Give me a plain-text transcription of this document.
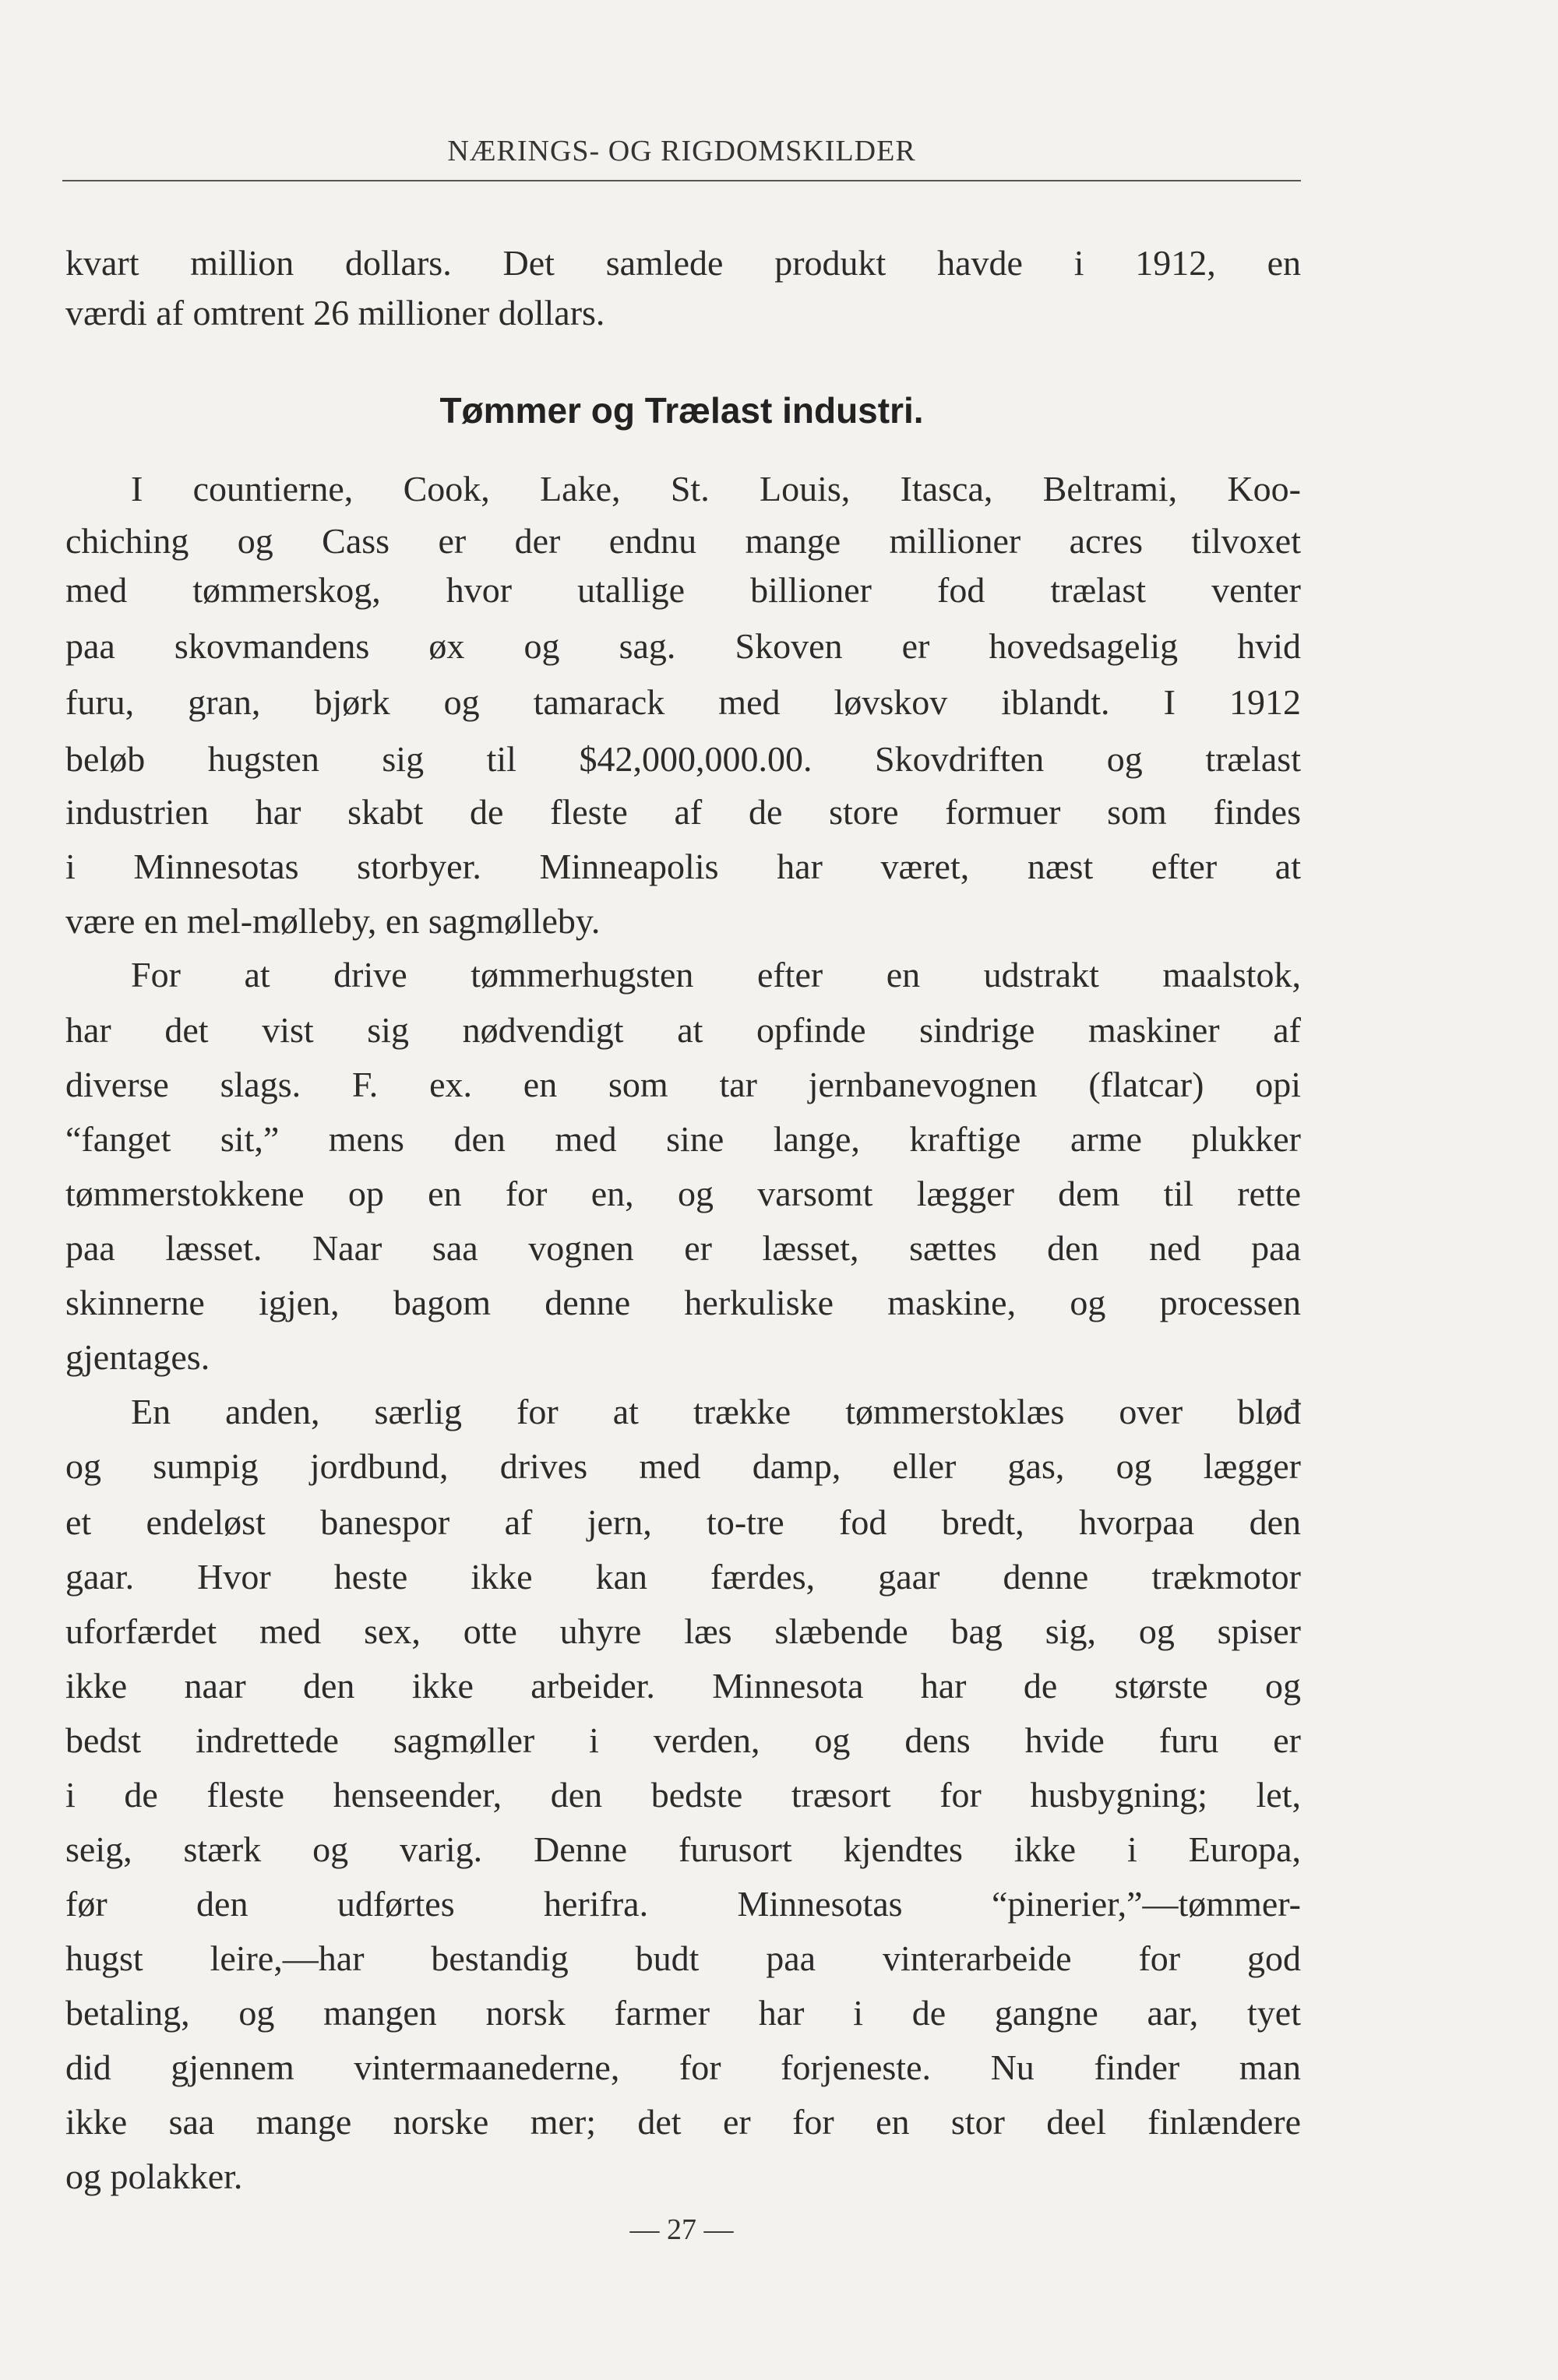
NÆRINGS- OG RIGDOMSKILDER
kvart million dollars. Det samlede produkt havde i 1912, en
værdi af omtrent 26 millioner dollars.
Tømmer og Trælast industri.
I countierne, Cook, Lake, St. Louis, Itasca, Beltrami, Koo-
chiching og Cass er der endnu mange millioner acres tilvoxet
med tømmerskog, hvor utallige billioner fod trælast venter
paa skovmandens øx og sag. Skoven er hovedsagelig hvid
furu, gran, bjørk og tamarack med løvskov iblandt. I 1912
beløb hugsten sig til $42,000,000.00. Skovdriften og trælast
industrien har skabt de fleste af de store formuer som findes
i Minnesotas storbyer. Minneapolis har været, næst efter at
være en mel-mølleby, en sagmølleby.
For at drive tømmerhugsten efter en udstrakt maalstok,
har det vist sig nødvendigt at opfinde sindrige maskiner af
diverse slags. F. ex. en som tar jernbanevognen (flatcar) opi
“fanget sit,” mens den med sine lange, kraftige arme plukker
tømmerstokkene op en for en, og varsomt lægger dem til rette
paa læsset. Naar saa vognen er læsset, sættes den ned paa
skinnerne igjen, bagom denne herkuliske maskine, og processen
gjentages.
En anden, særlig for at trække tømmerstoklæs over bløđ
og sumpig jordbund, drives med damp, eller gas, og lægger
et endeløst banespor af jern, to-tre fod bredt, hvorpaa den
gaar. Hvor heste ikke kan færdes, gaar denne trækmotor
uforfærdet med sex, otte uhyre læs slæbende bag sig, og spiser
ikke naar den ikke arbeider. Minnesota har de største og
bedst indrettede sagmøller i verden, og dens hvide furu er
i de fleste henseender, den bedste træsort for husbygning; let,
seig, stærk og varig. Denne furusort kjendtes ikke i Europa,
før den udførtes herifra. Minnesotas “pinerier,”—tømmer-
hugst leire,—har bestandig budt paa vinterarbeide for god
betaling, og mangen norsk farmer har i de gangne aar, tyet
did gjennem vintermaanederne, for forjeneste. Nu finder man
ikke saa mange norske mer; det er for en stor deel finlændere
og polakker.
— 27 —
